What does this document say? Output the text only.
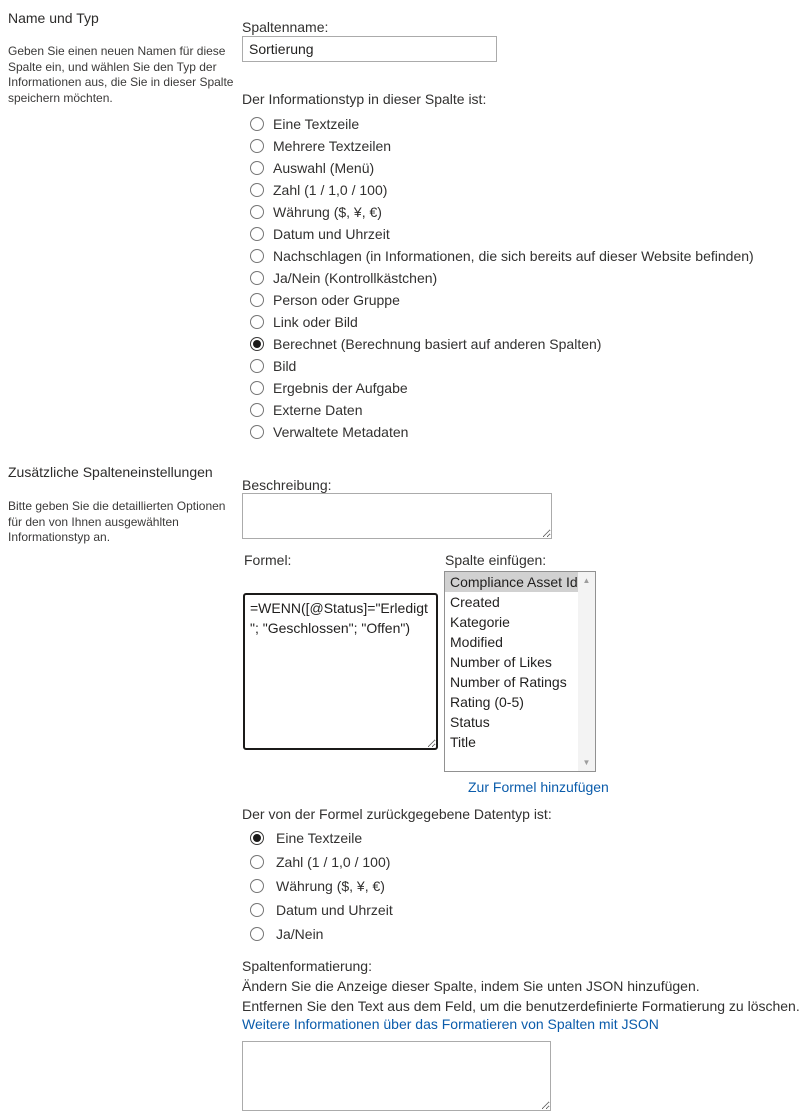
Name und Typ
Geben Sie einen neuen Namen für diese Spalte ein, und wählen Sie den Typ der Informationen aus, die Sie in dieser Spalte speichern möchten.
Zusätzliche Spalteneinstellungen
Bitte geben Sie die detaillierten Optionen für den von Ihnen ausgewählten Informationstyp an.
Spaltenname:
Sortierung
Der Informationstyp in dieser Spalte ist:
Eine Textzeile
Mehrere Textzeilen
Auswahl (Menü)
Zahl (1 / 1,0 / 100)
Währung ($, ¥, €)
Datum und Uhrzeit
Nachschlagen (in Informationen, die sich bereits auf dieser Website befinden)
Ja/Nein (Kontrollkästchen)
Person oder Gruppe
Link oder Bild
Berechnet (Berechnung basiert auf anderen Spalten)
Bild
Ergebnis der Aufgabe
Externe Daten
Verwaltete Metadaten
Beschreibung:
Formel:	Spalte einfügen:
=WENN([@Status]="Erledigt"; "Geschlossen"; "Offen")
Compliance Asset Id
Created
Kategorie
Modified
Number of Likes
Number of Ratings
Rating (0-5)
Status
Title
▲
▼
Zur Formel hinzufügen
Der von der Formel zurückgegebene Datentyp ist:
Eine Textzeile
Zahl (1 / 1,0 / 100)
Währung ($, ¥, €)
Datum und Uhrzeit
Ja/Nein
Spaltenformatierung:
Ändern Sie die Anzeige dieser Spalte, indem Sie unten JSON hinzufügen.
Entfernen Sie den Text aus dem Feld, um die benutzerdefinierte Formatierung zu löschen.
Weitere Informationen über das Formatieren von Spalten mit JSON
